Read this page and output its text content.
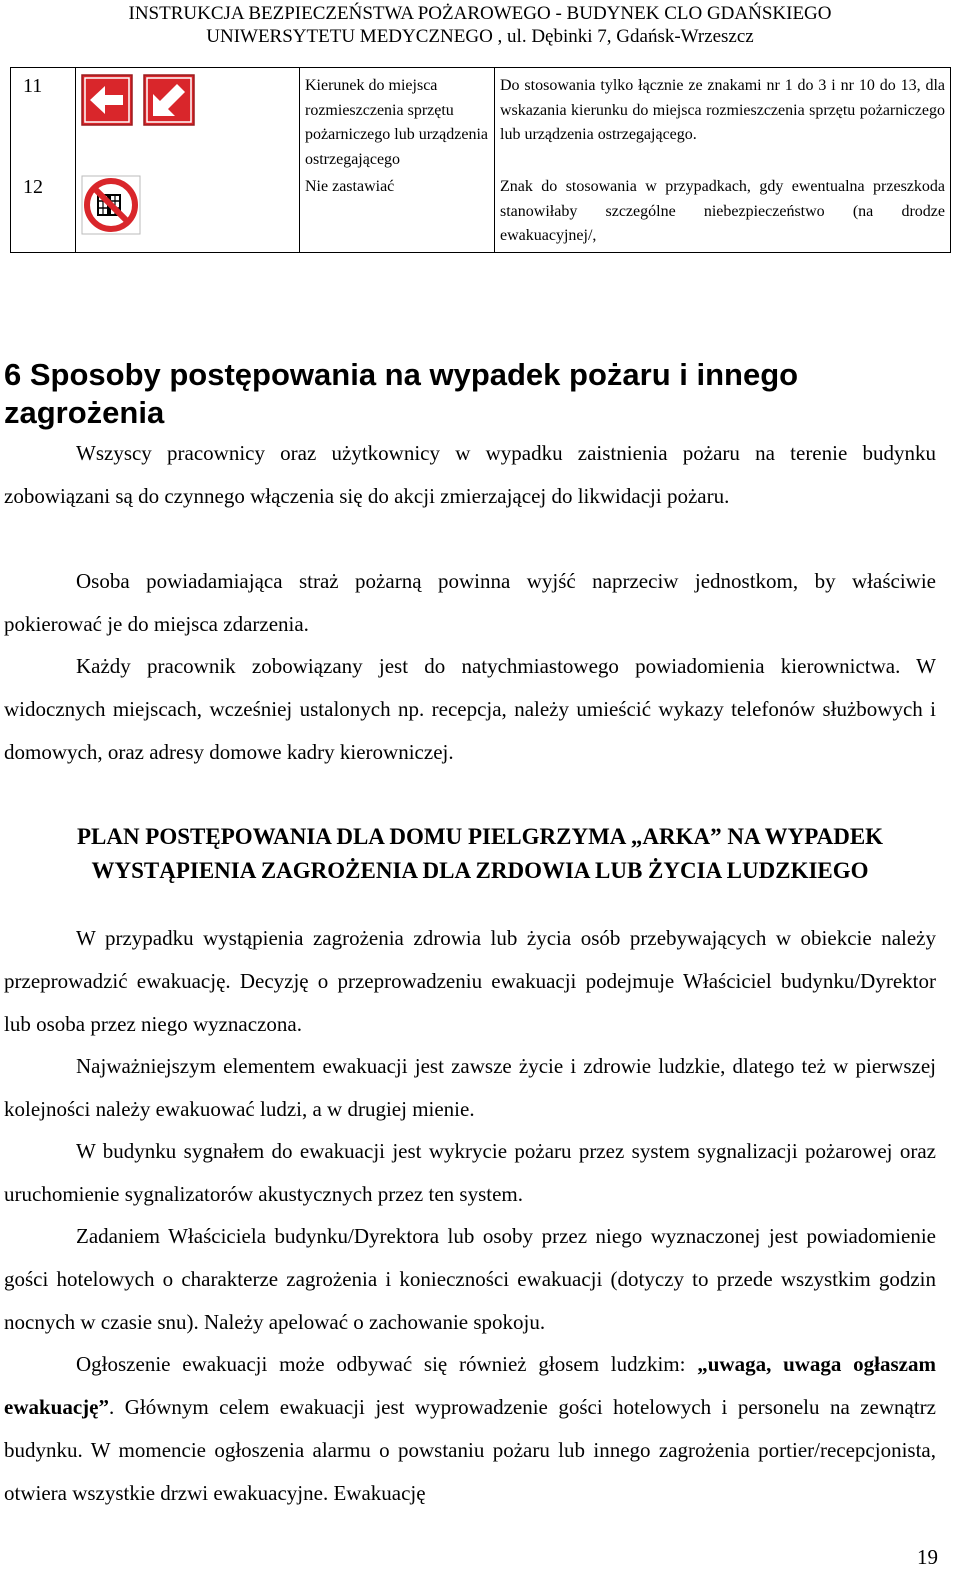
INSTRUKCJA BEZPIECZEŃSTWA POŻAROWEGO - BUDYNEK CLO GDAŃSKIEGO
UNIWERSYTETU MEDYCZNEGO , ul. Dębinki 7, Gdańsk-Wrzeszcz
11		Kierunek do miejsca rozmieszczenia sprzętu pożarniczego lub urządzenia ostrzegającego	Do stosowania tylko łącznie ze znakami nr 1 do 3 i nr 10 do 13, dla wskazania kierunku do miejsca rozmieszczenia sprzętu pożarniczego lub urządzenia ostrzegającego.
12		Nie zastawiać	Znak do stosowania w przypadkach, gdy ewentualna przeszkoda stanowiłaby szczególne niebezpieczeństwo (na drodze ewakuacyjnej/,
6 Sposoby postępowania na wypadek pożaru i innego zagrożenia

Wszyscy pracownicy oraz użytkownicy w wypadku zaistnienia pożaru na terenie budynku zobowiązani są do czynnego włączenia się do akcji zmierzającej do likwidacji pożaru.

Osoba powiadamiająca straż pożarną powinna wyjść naprzeciw jednostkom, by właściwie pokierować je do miejsca zdarzenia.

Każdy pracownik zobowiązany jest do natychmiastowego powiadomienia kierownictwa. W widocznych miejscach, wcześniej ustalonych np. recepcja, należy umieścić wykazy telefonów służbowych i domowych, oraz adresy domowe kadry kierowniczej.

PLAN POSTĘPOWANIA DLA DOMU PIELGRZYMA „ARKA” NA WYPADEK
WYSTĄPIENIA ZAGROŻENIA DLA ZRDOWIA LUB ŻYCIA LUDZKIEGO

W przypadku wystąpienia zagrożenia zdrowia lub życia osób przebywających w obiekcie należy przeprowadzić ewakuację. Decyzję o przeprowadzeniu ewakuacji podejmuje Właściciel budynku/Dyrektor lub osoba przez niego wyznaczona.

Najważniejszym elementem ewakuacji jest zawsze życie i zdrowie ludzkie, dlatego też w pierwszej kolejności należy ewakuować ludzi, a w drugiej mienie.

W budynku sygnałem do ewakuacji jest wykrycie pożaru przez system sygnalizacji pożarowej oraz uruchomienie sygnalizatorów akustycznych przez ten system.

Zadaniem Właściciela budynku/Dyrektora lub osoby przez niego wyznaczonej jest powiadomienie gości hotelowych o charakterze zagrożenia i konieczności ewakuacji (dotyczy to przede wszystkim godzin nocnych w czasie snu). Należy apelować o zachowanie spokoju.

Ogłoszenie ewakuacji może odbywać się również głosem ludzkim: „uwaga, uwaga ogłaszam ewakuację”. Głównym celem ewakuacji jest wyprowadzenie gości hotelowych i personelu na zewnątrz budynku. W momencie ogłoszenia alarmu o powstaniu pożaru lub innego zagrożenia portier/recepcjonista, otwiera wszystkie drzwi ewakuacyjne. Ewakuację

19
